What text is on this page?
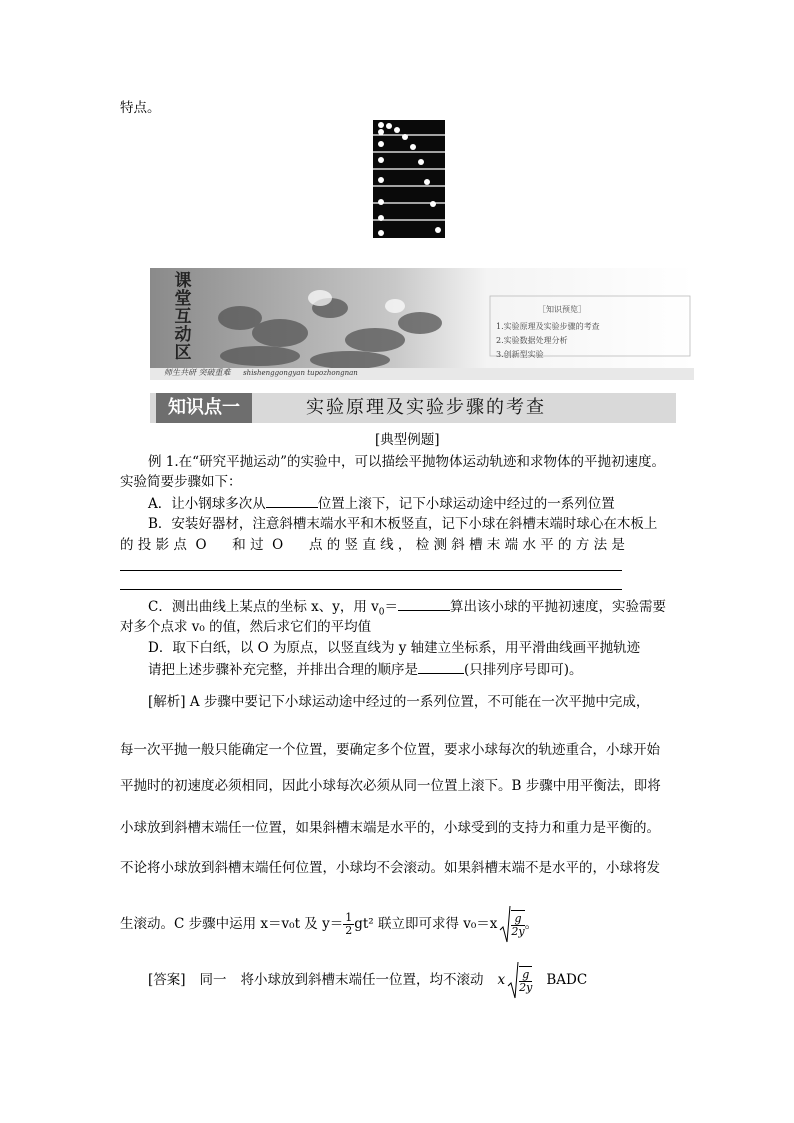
特点。
课
堂
互
动
区
师生共研 突破重难 shishenggongyan tupozhongnan
［知识预览］
1.实验原理及实验步骤的考查
2.实验数据处理分析
3.创新型实验
知识点一	实验原理及实验步骤的考查
[典型例题]
例 1.在“研究平抛运动”的实验中，可以描绘平抛物体运动轨迹和求物体的平抛初速度。
实验简要步骤如下：
A．让小钢球多次从	位置上滚下，记下小球运动途中经过的一系列位置
B．安装好器材，注意斜槽末端水平和木板竖直，记下小球在斜槽末端时球心在木板上
的 投 影 点  O      和 过  O      点 的 竖 直 线 ， 检 测 斜 槽 末 端 水 平 的 方 法 是
C．测出曲线上某点的坐标 x、y，用 $v_0=$	算出该小球的平抛初速度，实验需要
对多个点求 v₀ 的值，然后求它们的平均值
D．取下白纸，以 O 为原点，以竖直线为 y 轴建立坐标系，用平滑曲线画平抛轨迹
请把上述步骤补充完整，并排出合理的顺序是	(只排列序号即可)。
[解析] A 步骤中要记下小球运动途中经过的一系列位置，不可能在一次平抛中完成，
每一次平抛一般只能确定一个位置，要确定多个位置，要求小球每次的轨迹重合，小球开始
平抛时的初速度必须相同，因此小球每次必须从同一位置上滚下。B 步骤中用平衡法，即将
小球放到斜槽末端任一位置，如果斜槽末端是水平的，小球受到的支持力和重力是平衡的。
不论将小球放到斜槽末端任何位置，小球均不会滚动。如果斜槽末端不是水平的，小球将发
生滚动。C 步骤中运用 x＝v₀t 及 $y= \frac{1}{2} gt^2$ 联立即可求得 $v_0=x \frac{g}{2y}$ 。
[答案] 同一 将小球放到斜槽末端任一位置，均不滚动 x $\frac{g}{2y}$ BADC
